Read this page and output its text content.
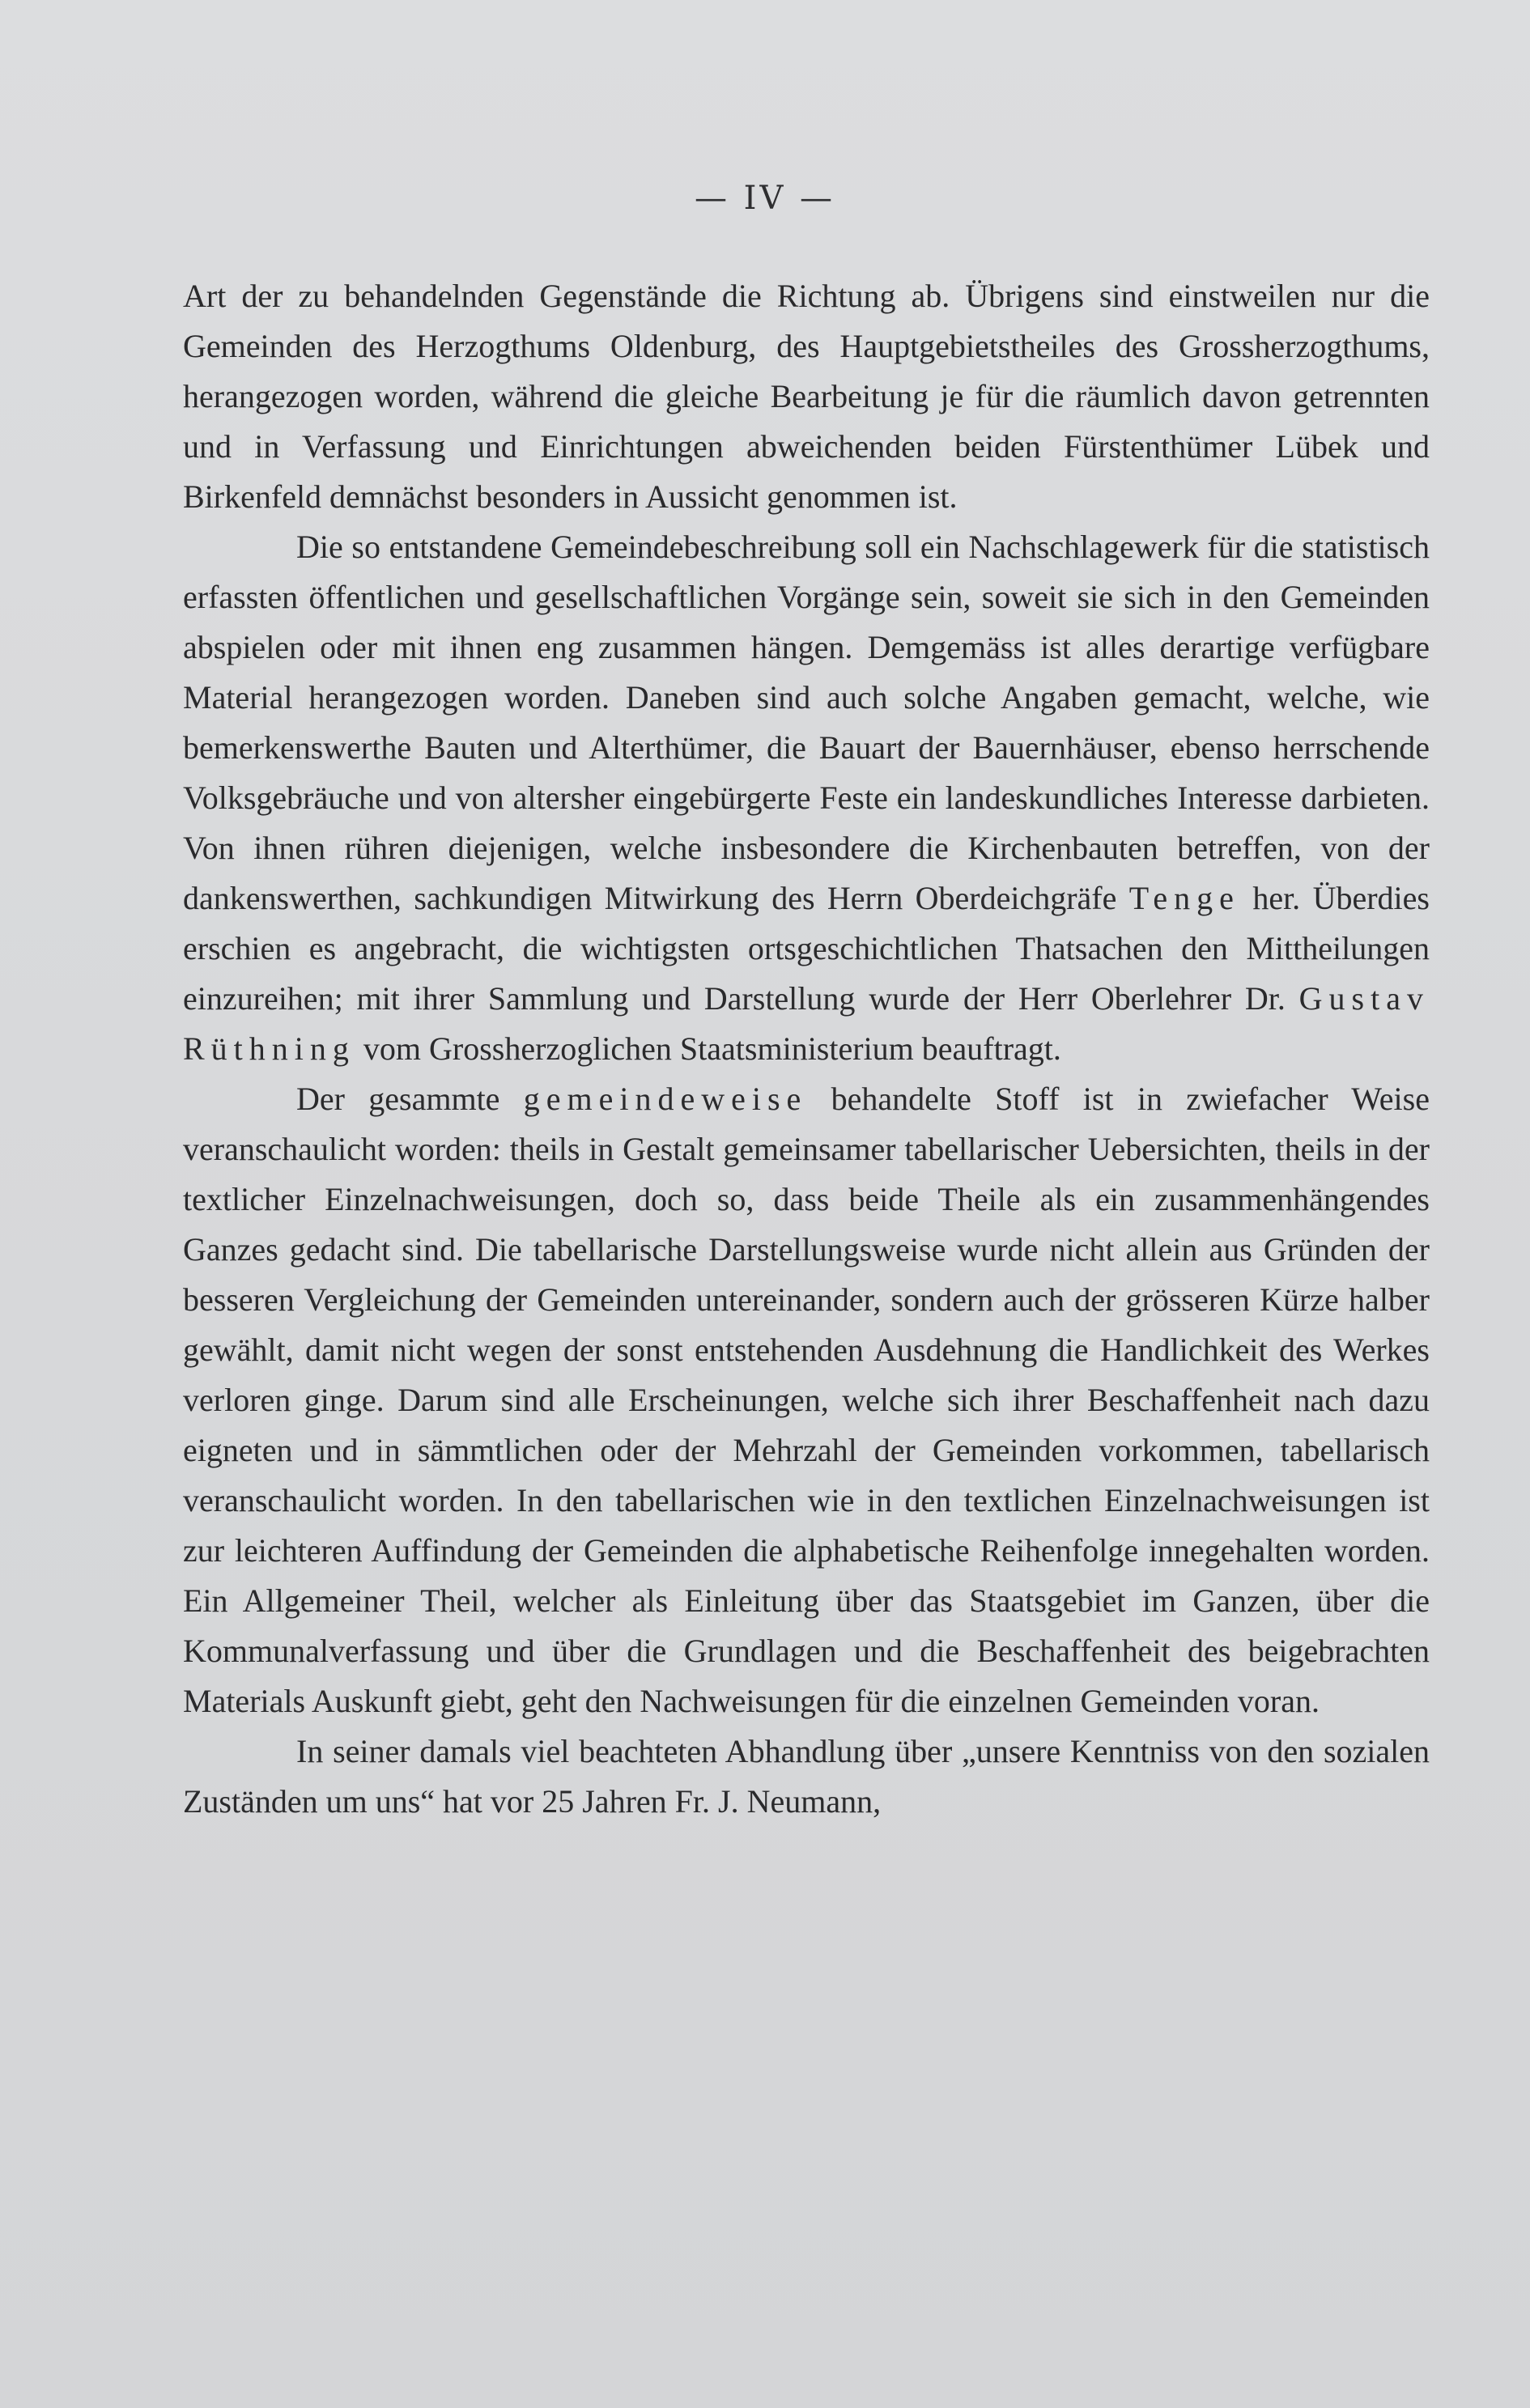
— IV —

Art der zu behandelnden Gegenstände die Richtung ab. Übrigens sind einstweilen nur die Gemeinden des Herzogthums Oldenburg, des Hauptgebietstheiles des Grossherzogthums, herangezogen worden, während die gleiche Bearbeitung je für die räumlich davon getrennten und in Verfassung und Einrichtungen abweichenden beiden Fürstenthümer Lübek und Birkenfeld demnächst besonders in Aussicht genommen ist.

Die so entstandene Gemeindebeschreibung soll ein Nachschlagewerk für die statistisch erfassten öffentlichen und gesellschaftlichen Vorgänge sein, soweit sie sich in den Gemeinden abspielen oder mit ihnen eng zusammen hängen. Demgemäss ist alles derartige verfügbare Material herangezogen worden. Daneben sind auch solche Angaben gemacht, welche, wie bemerkenswerthe Bauten und Alterthümer, die Bauart der Bauernhäuser, ebenso herrschende Volksgebräuche und von altersher eingebürgerte Feste ein landeskundliches Interesse darbieten. Von ihnen rühren diejenigen, welche insbesondere die Kirchenbauten betreffen, von der dankenswerthen, sachkundigen Mitwirkung des Herrn Oberdeichgräfe Tenge her. Überdies erschien es angebracht, die wichtigsten ortsgeschichtlichen Thatsachen den Mittheilungen einzureihen; mit ihrer Sammlung und Darstellung wurde der Herr Oberlehrer Dr. Gustav Rüthning vom Grossherzoglichen Staatsministerium beauftragt.

Der gesammte gemeindeweise behandelte Stoff ist in zwiefacher Weise veranschaulicht worden: theils in Gestalt gemeinsamer tabellarischer Uebersichten, theils in der textlicher Einzelnachweisungen, doch so, dass beide Theile als ein zusammenhängendes Ganzes gedacht sind. Die tabellarische Darstellungsweise wurde nicht allein aus Gründen der besseren Vergleichung der Gemeinden untereinander, sondern auch der grösseren Kürze halber gewählt, damit nicht wegen der sonst entstehenden Ausdehnung die Handlichkeit des Werkes verloren ginge. Darum sind alle Erscheinungen, welche sich ihrer Beschaffenheit nach dazu eigneten und in sämmtlichen oder der Mehrzahl der Gemeinden vorkommen, tabellarisch veranschaulicht worden. In den tabellarischen wie in den textlichen Einzelnachweisungen ist zur leichteren Auffindung der Gemeinden die alphabetische Reihenfolge innegehalten worden. Ein Allgemeiner Theil, welcher als Einleitung über das Staatsgebiet im Ganzen, über die Kommunalverfassung und über die Grundlagen und die Beschaffenheit des beigebrachten Materials Auskunft giebt, geht den Nachweisungen für die einzelnen Gemeinden voran.

In seiner damals viel beachteten Abhandlung über „unsere Kenntniss von den sozialen Zuständen um uns“ hat vor 25 Jahren Fr. J. Neumann,
